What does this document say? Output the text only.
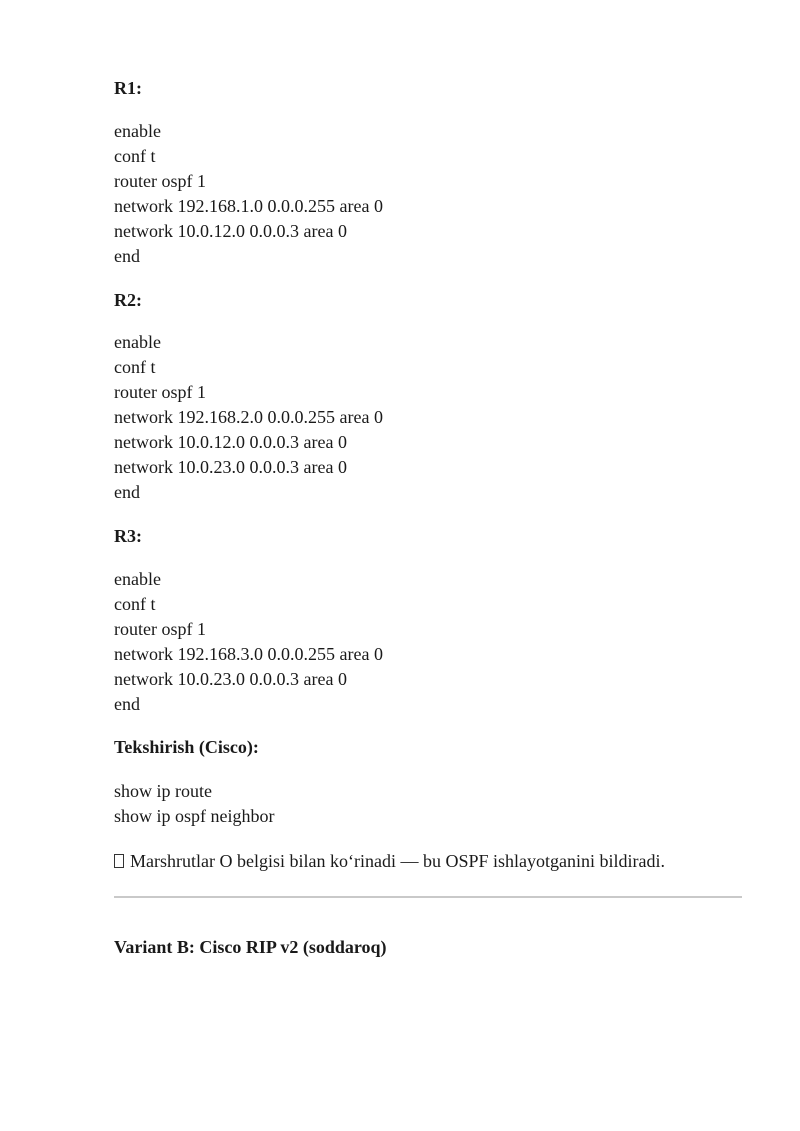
R1:
enable
conf t
router ospf 1
network 192.168.1.0 0.0.0.255 area 0
network 10.0.12.0 0.0.0.3 area 0
end
R2:
enable
conf t
router ospf 1
network 192.168.2.0 0.0.0.255 area 0
network 10.0.12.0 0.0.0.3 area 0
network 10.0.23.0 0.0.0.3 area 0
end
R3:
enable
conf t
router ospf 1
network 192.168.3.0 0.0.0.255 area 0
network 10.0.23.0 0.0.0.3 area 0
end
Tekshirish (Cisco):
show ip route
show ip ospf neighbor
Marshrutlar O belgisi bilan ko‘rinadi — bu OSPF ishlayotganini bildiradi.
Variant B: Cisco RIP v2 (soddaroq)
